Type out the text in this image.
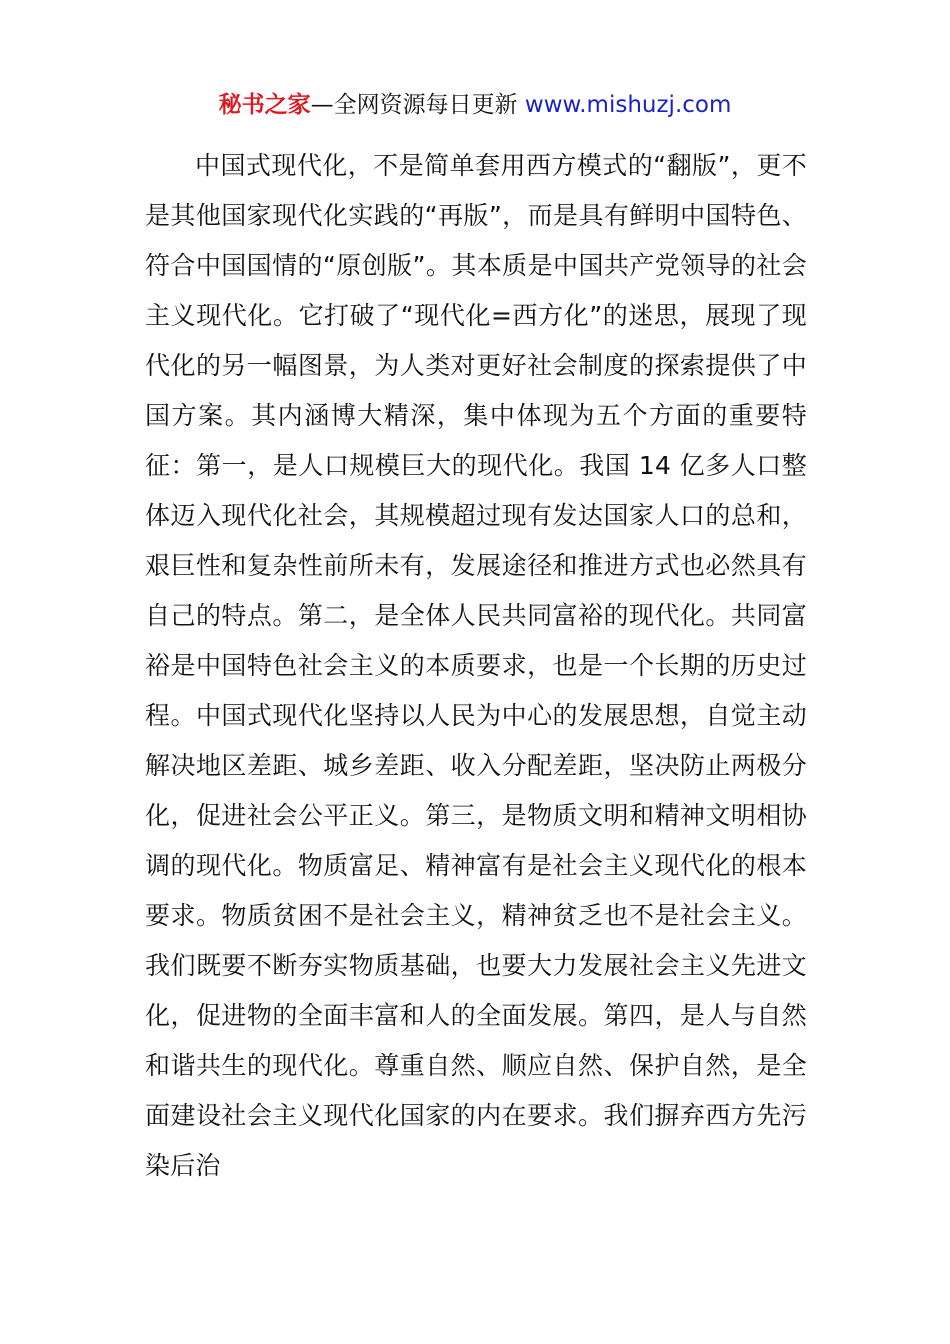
秘书之家—全网资源每日更新 www.mishuzj.com

中国式现代化，不是简单套用西方模式的“翻版”，更不是其他国家现代化实践的“再版”，而是具有鲜明中国特色、符合中国国情的“原创版”。其本质是中国共产党领导的社会主义现代化。它打破了“现代化=西方化”的迷思，展现了现代化的另一幅图景，为人类对更好社会制度的探索提供了中国方案。其内涵博大精深，集中体现为五个方面的重要特征：第一，是人口规模巨大的现代化。我国 14 亿多人口整体迈入现代化社会，其规模超过现有发达国家人口的总和，艰巨性和复杂性前所未有，发展途径和推进方式也必然具有自己的特点。第二，是全体人民共同富裕的现代化。共同富裕是中国特色社会主义的本质要求，也是一个长期的历史过程。中国式现代化坚持以人民为中心的发展思想，自觉主动解决地区差距、城乡差距、收入分配差距，坚决防止两极分化，促进社会公平正义。第三，是物质文明和精神文明相协调的现代化。物质富足、精神富有是社会主义现代化的根本要求。物质贫困不是社会主义，精神贫乏也不是社会主义。我们既要不断夯实物质基础，也要大力发展社会主义先进文化，促进物的全面丰富和人的全面发展。第四，是人与自然和谐共生的现代化。尊重自然、顺应自然、保护自然，是全面建设社会主义现代化国家的内在要求。我们摒弃西方先污染后治
